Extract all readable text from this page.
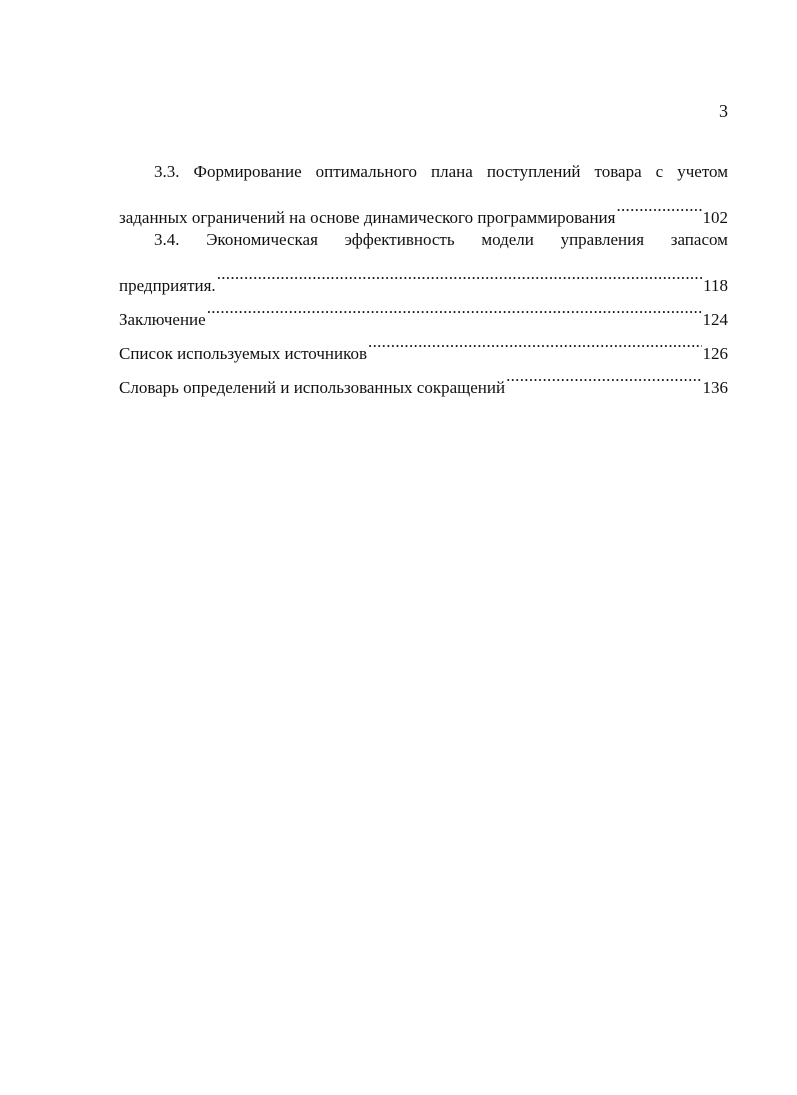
3
3.3. Формирование оптимального плана поступлений товара с учетом
заданных ограничений на основе динамического программирования .....	102
3.4. Экономическая эффективность модели управления запасом
предприятия. .....	118
Заключение .....	124
Список используемых источников .....	126
Словарь определений и использованных сокращений .....	136
